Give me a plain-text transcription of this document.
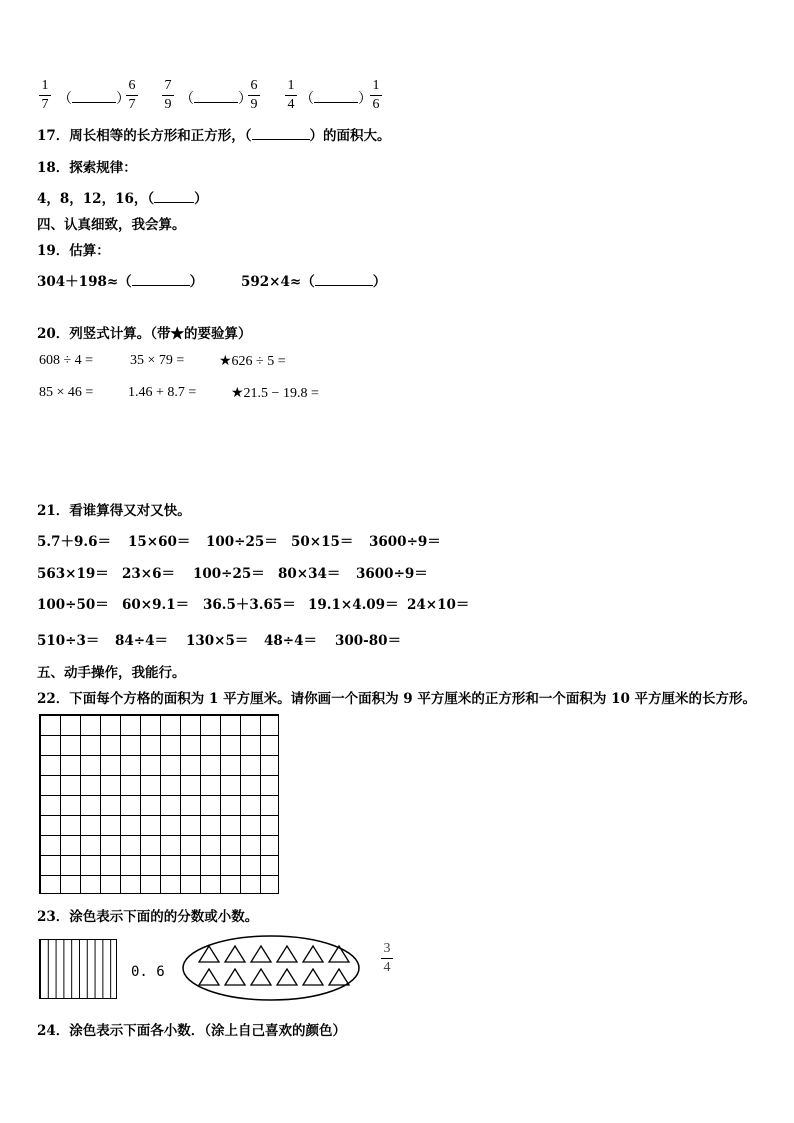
1
7 （	）
6
7
7
9 （	）
6
9
1
4 （	）
1
6
17．周长相等的长方形和正方形，（	）的面积大。
18．探索规律：
4，8，12，16，（	）
四、认真细致，我会算。
19．估算：
304＋198≈（	）	592×4≈（	）
20．列竖式计算。（带★的要验算）
608 ÷ 4 =	35 × 79 = ★626 ÷ 5 =
85 × 46 = 1.46 + 8.7 = ★21.5 − 19.8 =
21．看谁算得又对又快。
5.7＋9.6＝ 15×60＝ 100÷25＝ 50×15＝ 3600÷9＝
563×19＝ 23×6＝ 100÷25＝ 80×34＝ 3600÷9＝
100÷50＝ 60×9.1＝ 36.5＋3.65＝ 19.1×4.09＝ 24×10＝
510÷3＝ 84÷4＝ 130×5＝ 48÷4＝ 300-80＝
五、动手操作，我能行。
22．下面每个方格的面积为 1 平方厘米。请你画一个面积为 9 平方厘米的正方形和一个面积为 10 平方厘米的长方形。
23．涂色表示下面的的分数或小数。
0. 6
3
4
24．涂色表示下面各小数．（涂上自己喜欢的颜色）
